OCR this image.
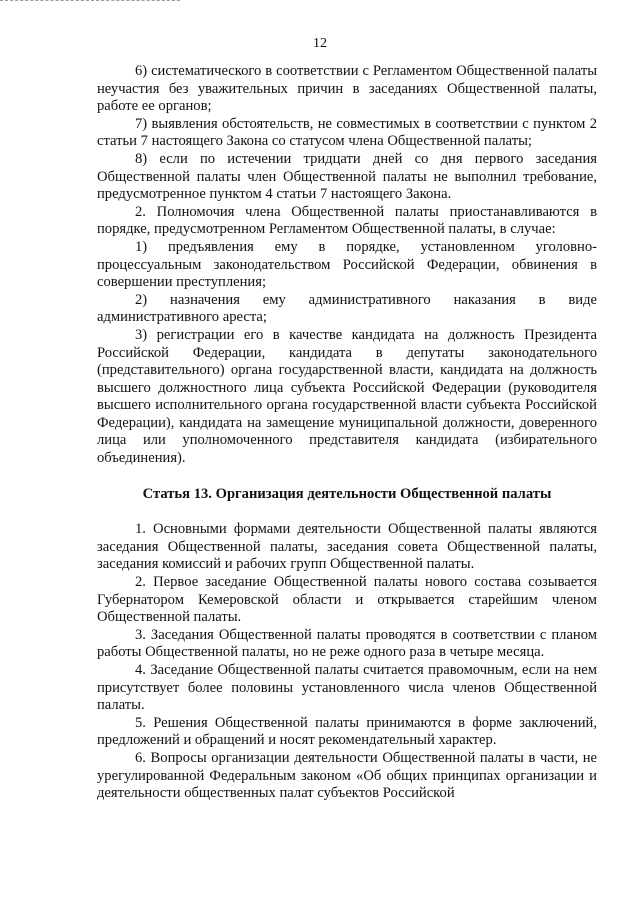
12

6) систематического в соответствии с Регламентом Общественной палаты неучастия без уважительных причин в заседаниях Общественной палаты, работе ее органов;

7) выявления обстоятельств, не совместимых в соответствии с пунктом 2 статьи 7 настоящего Закона со статусом члена Общественной палаты;

8) если по истечении тридцати дней со дня первого заседания Общественной палаты член Общественной палаты не выполнил требование, предусмотренное пунктом 4 статьи 7 настоящего Закона.

2. Полномочия члена Общественной палаты приостанавливаются в порядке, предусмотренном Регламентом Общественной палаты, в случае:

1) предъявления ему в порядке, установленном уголовно-процессуальным законодательством Российской Федерации, обвинения в совершении преступления;

2) назначения ему административного наказания в виде административного ареста;

3) регистрации его в качестве кандидата на должность Президента Российской Федерации, кандидата в депутаты законодательного (представительного) органа государственной власти, кандидата на должность высшего должностного лица субъекта Российской Федерации (руководителя высшего исполнительного органа государственной власти субъекта Российской Федерации), кандидата на замещение муниципальной должности, доверенного лица или уполномоченного представителя кандидата (избирательного объединения).

Статья 13. Организация деятельности Общественной палаты

1. Основными формами деятельности Общественной палаты являются заседания Общественной палаты, заседания совета Общественной палаты, заседания комиссий и рабочих групп Общественной палаты.

2. Первое заседание Общественной палаты нового состава созывается Губернатором Кемеровской области и открывается старейшим членом Общественной палаты.

3. Заседания Общественной палаты проводятся в соответствии с планом работы Общественной палаты, но не реже одного раза в четыре месяца.

4. Заседание Общественной палаты считается правомочным, если на нем присутствует более половины установленного числа членов Общественной палаты.

5. Решения Общественной палаты принимаются в форме заключений, предложений и обращений и носят рекомендательный характер.

6. Вопросы организации деятельности Общественной палаты в части, не урегулированной Федеральным законом «Об общих принципах организации и деятельности общественных палат субъектов Российской
